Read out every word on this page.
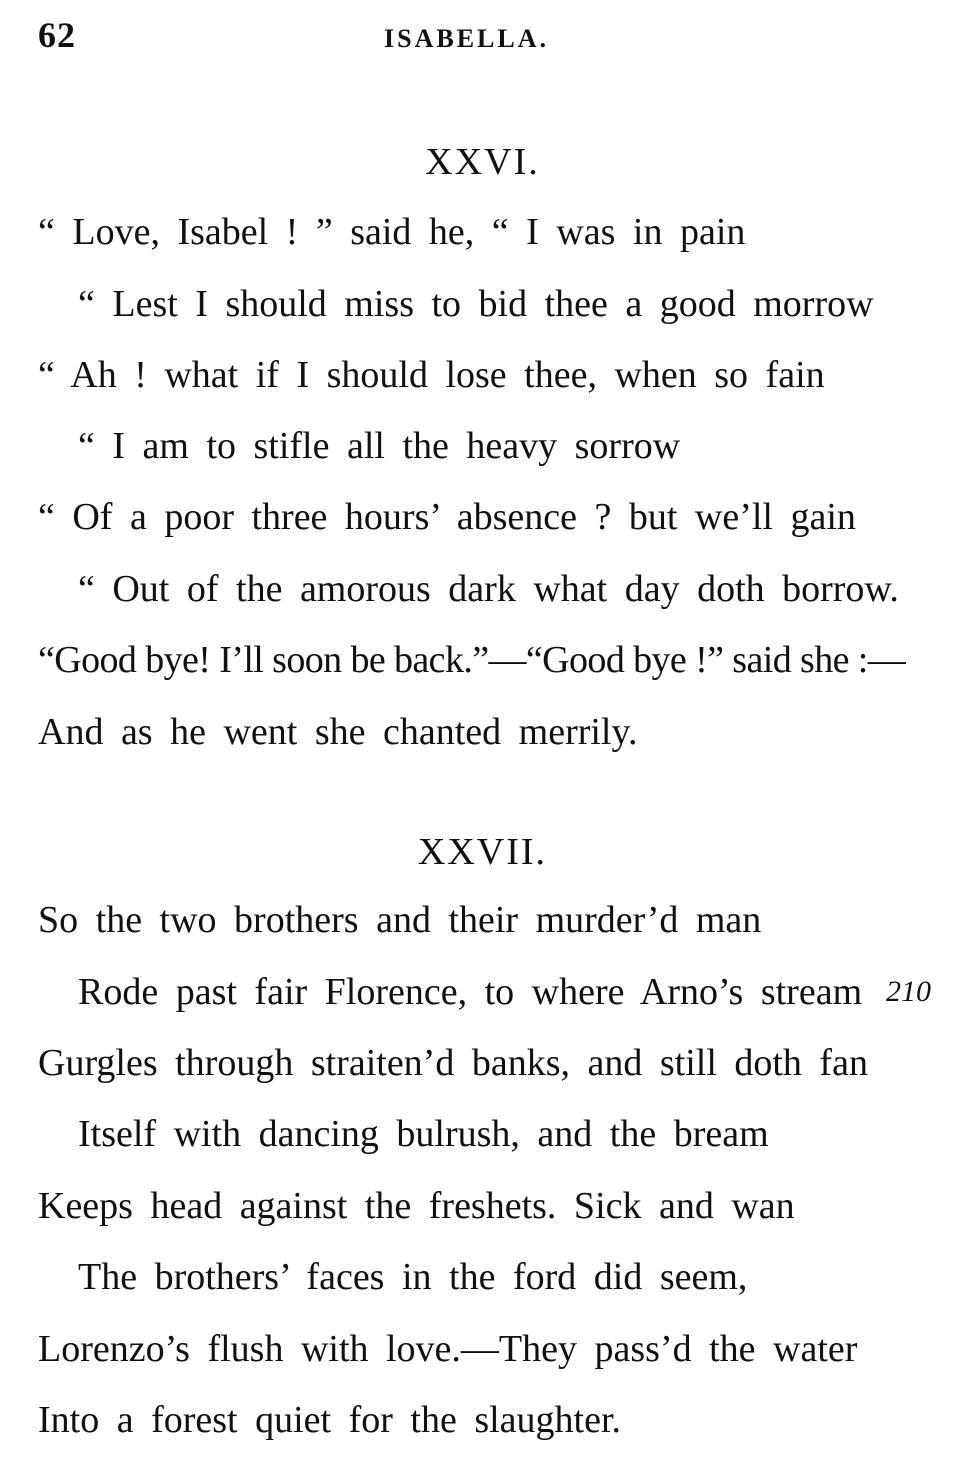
62	ISABELLA.
XXVI.
“ Love, Isabel ! ” said he, “ I was in pain
“ Lest I should miss to bid thee a good morrow
“ Ah ! what if I should lose thee, when so fain
“ I am to stifle all the heavy sorrow
“ Of a poor three hours’ absence ? but we’ll gain
“ Out of the amorous dark what day doth borrow.
“Good bye! I’ll soon be back.”—“Good bye !” said she :—
And as he went she chanted merrily.
XXVII.
So the two brothers and their murder’d man
Rode past fair Florence, to where Arno’s stream 210
Gurgles through straiten’d banks, and still doth fan
Itself with dancing bulrush, and the bream
Keeps head against the freshets. Sick and wan
The brothers’ faces in the ford did seem,
Lorenzo’s flush with love.—They pass’d the water
Into a forest quiet for the slaughter.
